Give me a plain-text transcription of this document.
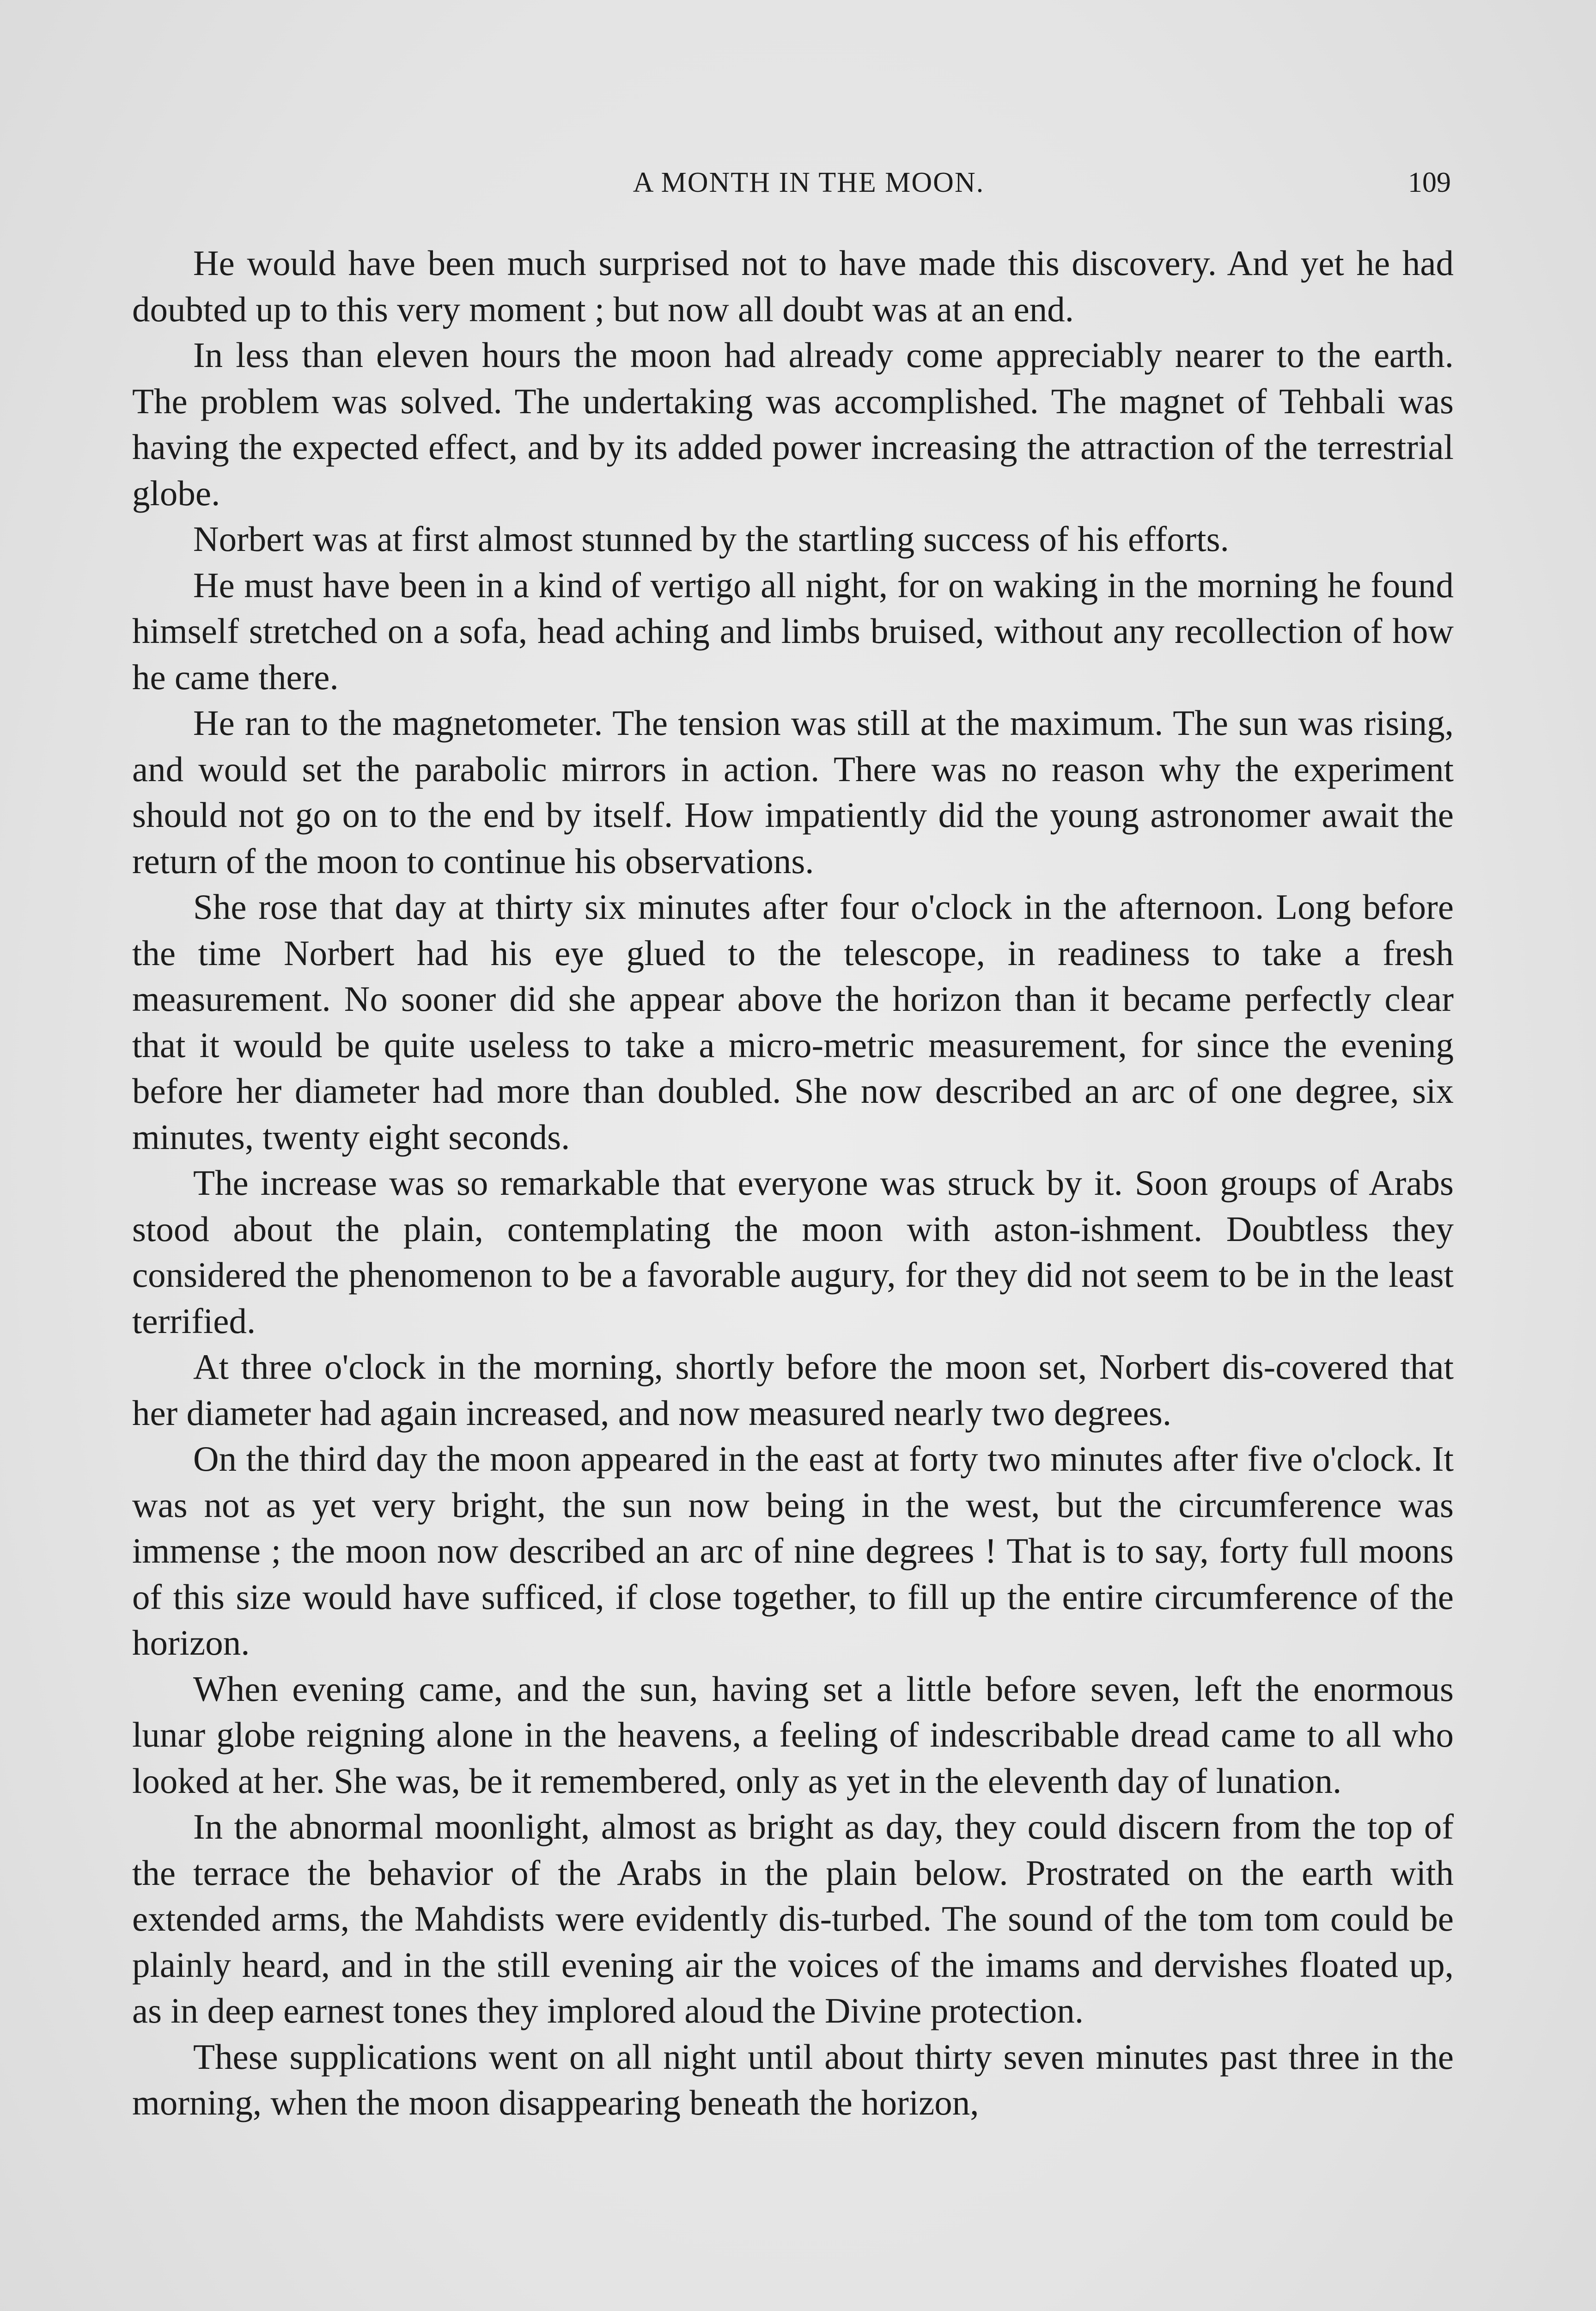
A MONTH IN THE MOON.	109

He would have been much surprised not to have made this discovery. And yet he had doubted up to this very moment ; but now all doubt was at an end.

In less than eleven hours the moon had already come appreciably nearer to the earth. The problem was solved. The undertaking was accomplished. The magnet of Tehbali was having the expected effect, and by its added power increasing the attraction of the terrestrial globe.

Norbert was at first almost stunned by the startling success of his efforts.

He must have been in a kind of vertigo all night, for on waking in the morning he found himself stretched on a sofa, head aching and limbs bruised, without any recollection of how he came there.

He ran to the magnetometer. The tension was still at the maximum. The sun was rising, and would set the parabolic mirrors in action. There was no reason why the experiment should not go on to the end by itself. How impatiently did the young astronomer await the return of the moon to continue his observations.

She rose that day at thirty six minutes after four o'clock in the afternoon. Long before the time Norbert had his eye glued to the telescope, in readiness to take a fresh measurement. No sooner did she appear above the horizon than it became perfectly clear that it would be quite useless to take a micro-metric measurement, for since the evening before her diameter had more than doubled. She now described an arc of one degree, six minutes, twenty eight seconds.

The increase was so remarkable that everyone was struck by it. Soon groups of Arabs stood about the plain, contemplating the moon with aston-ishment. Doubtless they considered the phenomenon to be a favorable augury, for they did not seem to be in the least terrified.

At three o'clock in the morning, shortly before the moon set, Norbert dis-covered that her diameter had again increased, and now measured nearly two degrees.

On the third day the moon appeared in the east at forty two minutes after five o'clock. It was not as yet very bright, the sun now being in the west, but the circumference was immense ; the moon now described an arc of nine degrees ! That is to say, forty full moons of this size would have sufficed, if close together, to fill up the entire circumference of the horizon.

When evening came, and the sun, having set a little before seven, left the enormous lunar globe reigning alone in the heavens, a feeling of indescribable dread came to all who looked at her. She was, be it remembered, only as yet in the eleventh day of lunation.

In the abnormal moonlight, almost as bright as day, they could discern from the top of the terrace the behavior of the Arabs in the plain below. Prostrated on the earth with extended arms, the Mahdists were evidently dis-turbed. The sound of the tom tom could be plainly heard, and in the still evening air the voices of the imams and dervishes floated up, as in deep earnest tones they implored aloud the Divine protection.

These supplications went on all night until about thirty seven minutes past three in the morning, when the moon disappearing beneath the horizon,
